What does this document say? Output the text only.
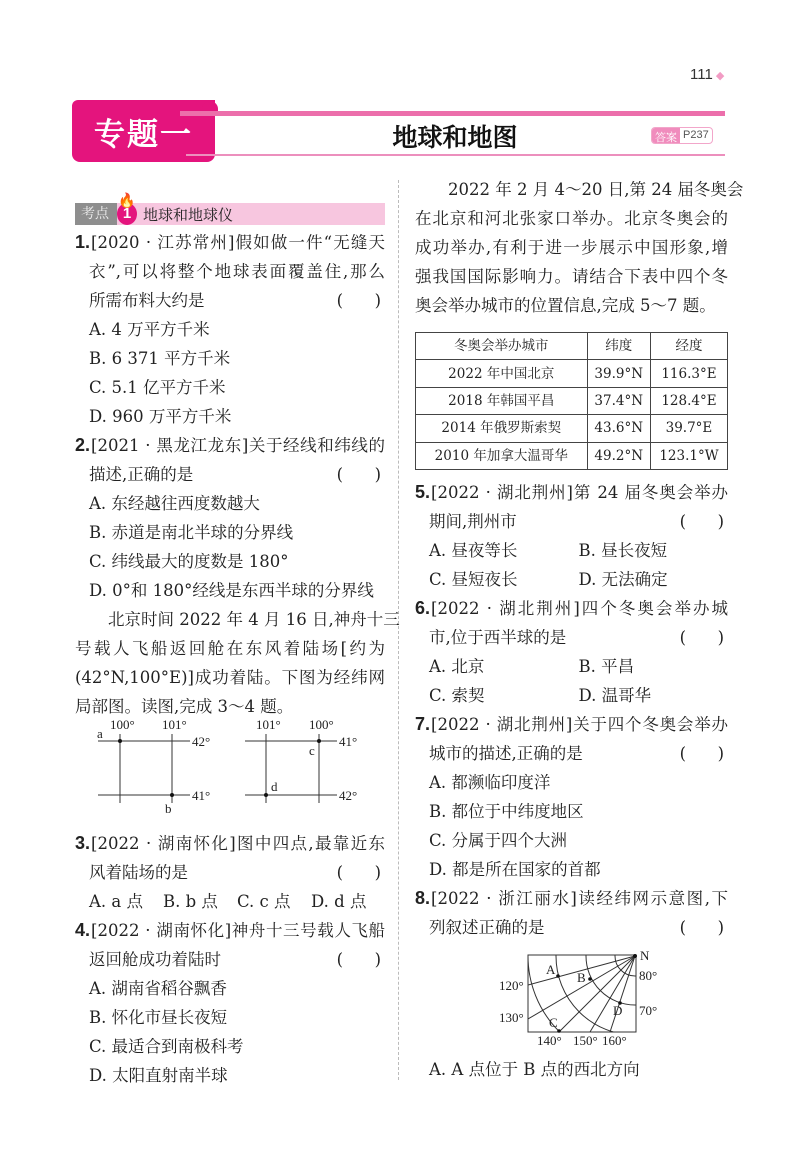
111 ◆
专题一	地球和地图	答案 P237
考点
🔥
1 地球和地球仪
1.[2020 · 江苏常州]假如做一件“无缝天
衣”,可以将整个地球表面覆盖住,那么
所需布料大约是	(      )
A. 4 万平方千米
B. 6 371 平方千米
C. 5.1 亿平方千米
D. 960 万平方千米
2.[2021 · 黑龙江龙东]关于经线和纬线的
描述,正确的是	(      )
A. 东经越往西度数越大
B. 赤道是南北半球的分界线
C. 纬线最大的度数是 180°
D. 0°和 180°经线是东西半球的分界线
北京时间 2022 年 4 月 16 日,神舟十三
号载人飞船返回舱在东风着陆场[约为
(42°N,100°E)]成功着陆。下图为经纬网
局部图。读图,完成 3～4 题。
100° 101°
42°
41°
a
b
101° 100°
41°
42°
c
d
3.[2022 · 湖南怀化]图中四点,最靠近东
风着陆场的是	(      )
A. a 点	B. b 点	C. c 点	D. d 点
4.[2022 · 湖南怀化]神舟十三号载人飞船
返回舱成功着陆时	(      )
A. 湖南省稻谷飘香
B. 怀化市昼长夜短
C. 最适合到南极科考
D. 太阳直射南半球
2022 年 2 月 4～20 日,第 24 届冬奥会
在北京和河北张家口举办。北京冬奥会的
成功举办,有利于进一步展示中国形象,增
强我国国际影响力。请结合下表中四个冬
奥会举办城市的位置信息,完成 5～7 题。
冬奥会举办城市	纬度	经度
2022 年中国北京	39.9°N	116.3°E
2018 年韩国平昌	37.4°N	128.4°E
2014 年俄罗斯索契	43.6°N	39.7°E
2010 年加拿大温哥华	49.2°N	123.1°W
5.[2022 · 湖北荆州]第 24 届冬奥会举办
期间,荆州市	(      )
A. 昼夜等长	B. 昼长夜短
C. 昼短夜长	D. 无法确定
6.[2022 · 湖北荆州]四个冬奥会举办城
市,位于西半球的是	(      )
A. 北京	B. 平昌
C. 索契	D. 温哥华
7.[2022 · 湖北荆州]关于四个冬奥会举办
城市的描述,正确的是	(      )
A. 都濒临印度洋
B. 都位于中纬度地区
C. 分属于四个大洲
D. 都是所在国家的首都
8.[2022 · 浙江丽水]读经纬网示意图,下
列叙述正确的是	(      )
N
A
B
C
D
80°
70°
120°
130°
140° 150° 160°
A. A 点位于 B 点的西北方向
